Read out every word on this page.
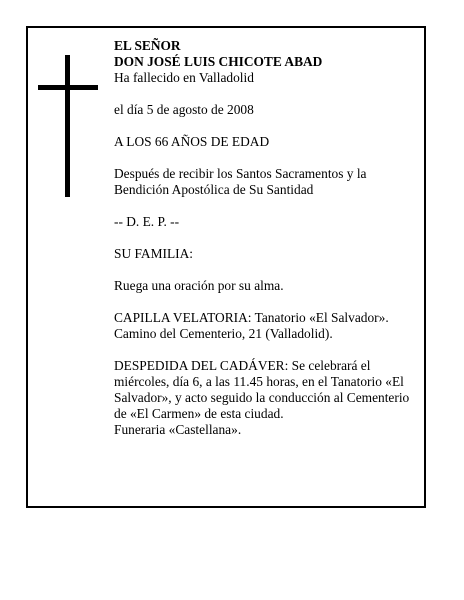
EL SEÑOR
DON JOSÉ LUIS CHICOTE ABAD
Ha fallecido en Valladolid

el día 5 de agosto de 2008

A LOS 66 AÑOS DE EDAD

Después de recibir los Santos Sacramentos y la
Bendición Apostólica de Su Santidad

-- D. E. P. --

SU FAMILIA:

Ruega una oración por su alma.

CAPILLA VELATORIA: Tanatorio «El Salvador».
Camino del Cementerio, 21 (Valladolid).

DESPEDIDA DEL CADÁVER: Se celebrará el
miércoles, día 6, a las 11.45 horas, en el Tanatorio «El
Salvador», y acto seguido la conducción al Cementerio
de «El Carmen» de esta ciudad.
Funeraria «Castellana».
